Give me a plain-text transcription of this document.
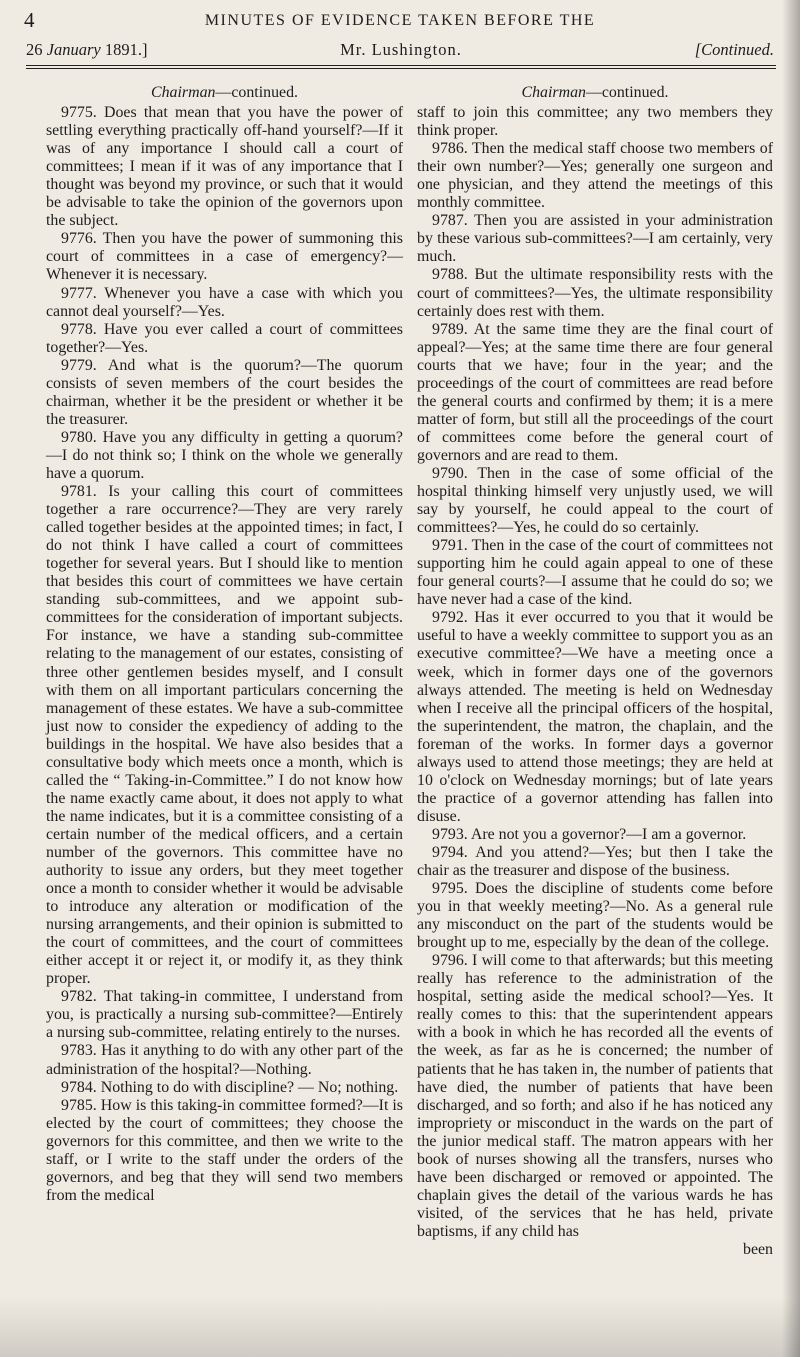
4	MINUTES OF EVIDENCE TAKEN BEFORE THE
26 January 1891.]	Mr. Lushington.	[Continued.
Chairman—continued.

9775. Does that mean that you have the power of settling everything practically off-hand yourself?—If it was of any importance I should call a court of committees; I mean if it was of any importance that I thought was beyond my province, or such that it would be advisable to take the opinion of the governors upon the subject.

9776. Then you have the power of summoning this court of committees in a case of emergency?—Whenever it is necessary.

9777. Whenever you have a case with which you cannot deal yourself?—Yes.

9778. Have you ever called a court of committees together?—Yes.

9779. And what is the quorum?—The quorum consists of seven members of the court besides the chairman, whether it be the president or whether it be the treasurer.

9780. Have you any difficulty in getting a quorum?—I do not think so; I think on the whole we generally have a quorum.

9781. Is your calling this court of committees together a rare occurrence?—They are very rarely called together besides at the appointed times; in fact, I do not think I have called a court of committees together for several years. But I should like to mention that besides this court of committees we have certain standing sub-committees, and we appoint sub-committees for the consideration of important subjects. For instance, we have a standing sub-committee relating to the management of our estates, consisting of three other gentlemen besides myself, and I consult with them on all important particulars concerning the management of these estates. We have a sub-committee just now to consider the expediency of adding to the buildings in the hospital. We have also besides that a consultative body which meets once a month, which is called the “ Taking-in-Committee.” I do not know how the name exactly came about, it does not apply to what the name indicates, but it is a committee consisting of a certain number of the medical officers, and a certain number of the governors. This committee have no authority to issue any orders, but they meet together once a month to consider whether it would be advisable to introduce any alteration or modification of the nursing arrangements, and their opinion is submitted to the court of committees, and the court of committees either accept it or reject it, or modify it, as they think proper.

9782. That taking-in committee, I understand from you, is practically a nursing sub-committee?—Entirely a nursing sub-committee, relating entirely to the nurses.

9783. Has it anything to do with any other part of the administration of the hospital?—Nothing.

9784. Nothing to do with discipline? — No; nothing.

9785. How is this taking-in committee formed?—It is elected by the court of committees; they choose the governors for this committee, and then we write to the staff, or I write to the staff under the orders of the governors, and beg that they will send two members from the medical

Chairman—continued.

staff to join this committee; any two members they think proper.

9786. Then the medical staff choose two members of their own number?—Yes; generally one surgeon and one physician, and they attend the meetings of this monthly committee.

9787. Then you are assisted in your administration by these various sub-committees?—I am certainly, very much.

9788. But the ultimate responsibility rests with the court of committees?—Yes, the ultimate responsibility certainly does rest with them.

9789. At the same time they are the final court of appeal?—Yes; at the same time there are four general courts that we have; four in the year; and the proceedings of the court of committees are read before the general courts and confirmed by them; it is a mere matter of form, but still all the proceedings of the court of committees come before the general court of governors and are read to them.

9790. Then in the case of some official of the hospital thinking himself very unjustly used, we will say by yourself, he could appeal to the court of committees?—Yes, he could do so certainly.

9791. Then in the case of the court of committees not supporting him he could again appeal to one of these four general courts?—I assume that he could do so; we have never had a case of the kind.

9792. Has it ever occurred to you that it would be useful to have a weekly committee to support you as an executive committee?—We have a meeting once a week, which in former days one of the governors always attended. The meeting is held on Wednesday when I receive all the principal officers of the hospital, the superintendent, the matron, the chaplain, and the foreman of the works. In former days a governor always used to attend those meetings; they are held at 10 o'clock on Wednesday mornings; but of late years the practice of a governor attending has fallen into disuse.

9793. Are not you a governor?—I am a governor.

9794. And you attend?—Yes; but then I take the chair as the treasurer and dispose of the business.

9795. Does the discipline of students come before you in that weekly meeting?—No. As a general rule any misconduct on the part of the students would be brought up to me, especially by the dean of the college.

9796. I will come to that afterwards; but this meeting really has reference to the administration of the hospital, setting aside the medical school?—Yes. It really comes to this: that the superintendent appears with a book in which he has recorded all the events of the week, as far as he is concerned; the number of patients that he has taken in, the number of patients that have died, the number of patients that have been discharged, and so forth; and also if he has noticed any impropriety or misconduct in the wards on the part of the junior medical staff. The matron appears with her book of nurses showing all the transfers, nurses who have been discharged or removed or appointed. The chaplain gives the detail of the various wards he has visited, of the services that he has held, private baptisms, if any child has

been
